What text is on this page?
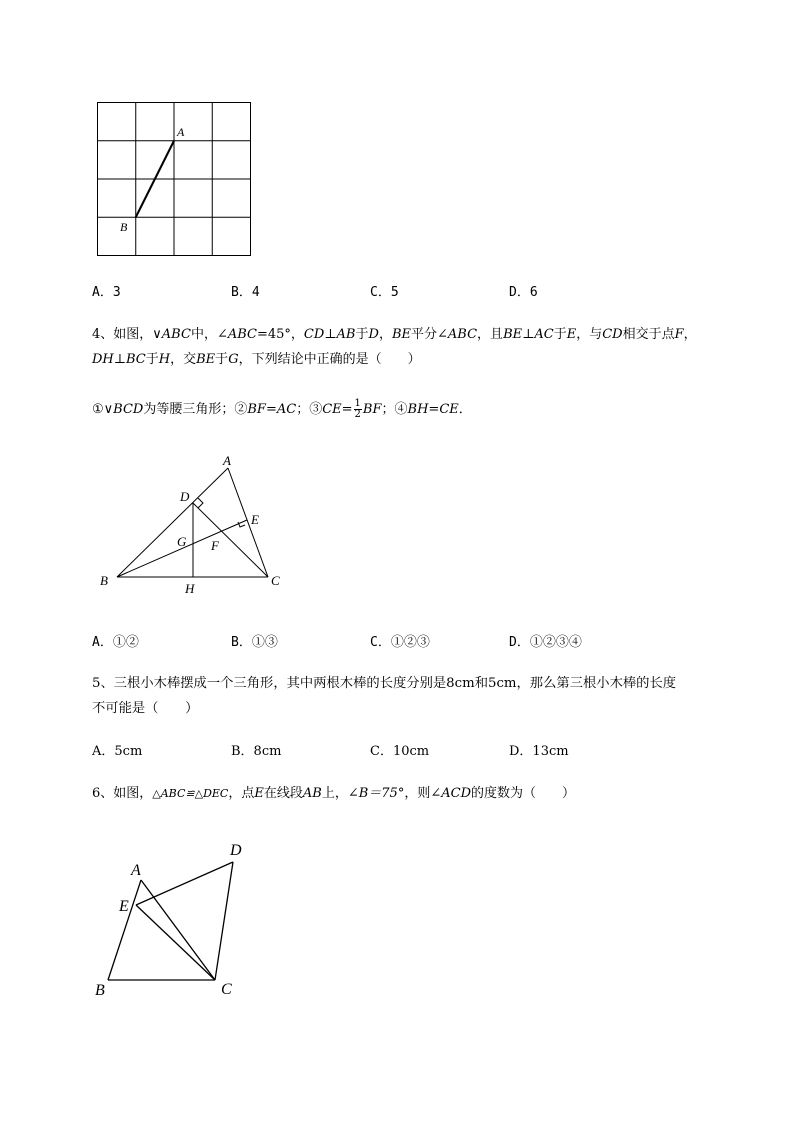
A
B
A．3	B．4	C．5	D．6
4、如图，∨ABC中，∠ABC=45°，CD⊥AB于D，BE平分∠ABC，且BE⊥AC于E，与CD相交于点F，
DH⊥BC于H，交BE于G，下列结论中正确的是（　　）
①∨BCD为等腰三角形；②BF=AC；③CE= $\frac{1}{2}$ BF；④BH=CE．
A
D
E
G F
B
H
C
A．①②	B．①③	C．①②③	D．①②③④
5、三根小木棒摆成一个三角形，其中两根木棒的长度分别是8cm和5cm，那么第三根小木棒的长度
不可能是（　　）
A．5cm	B．8cm	C．10cm	D．13cm
6、如图，△ABC≌△DEC，点E在线段AB上，∠B＝75°，则∠ACD的度数为（　　）
A
D
E
B	C
